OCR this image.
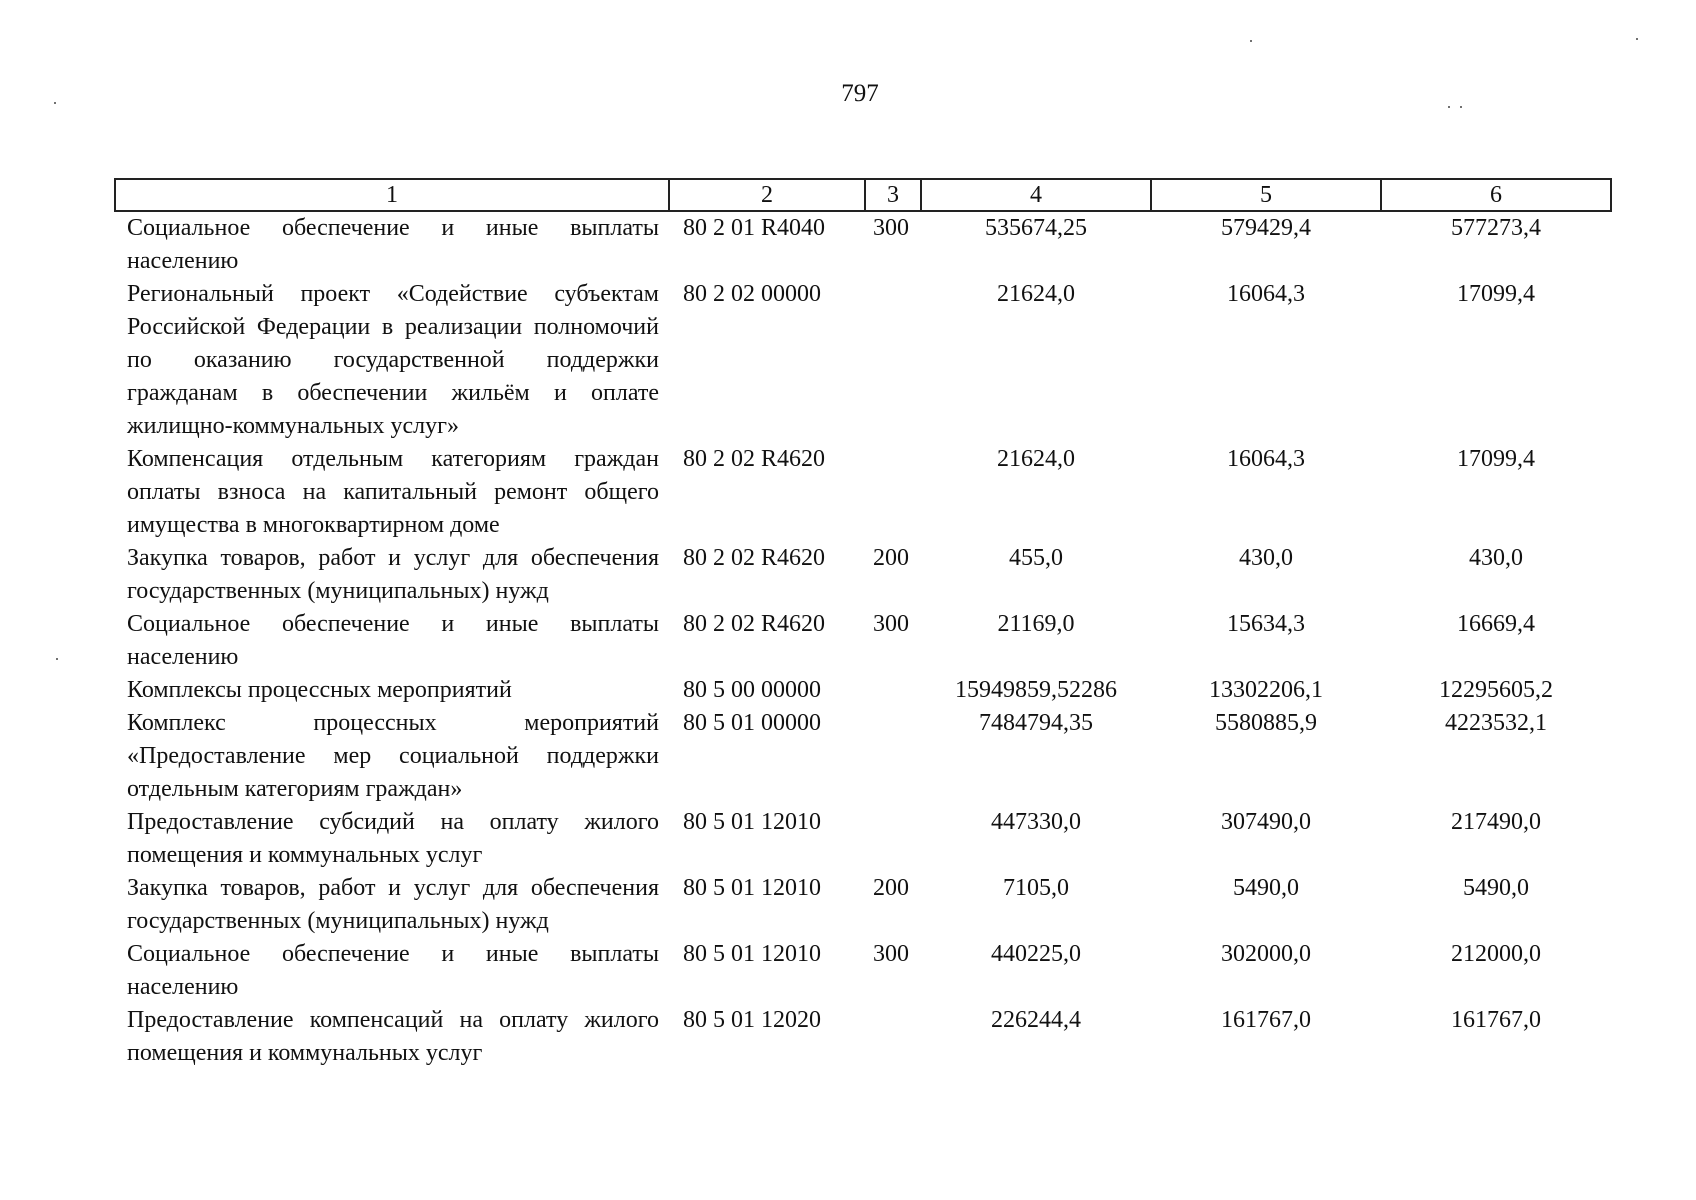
797
1	2	3	4	5	6
Социальное обеспечение и иные выплаты населению	80 2 01 R4040	300	535674,25	579429,4	577273,4
Региональный проект «Содействие субъектам Российской Федерации в реализации полномочий по оказанию государственной поддержки гражданам в обеспечении жильём и оплате жилищно-коммунальных услуг»	80 2 02 00000		21624,0	16064,3	17099,4
Компенсация отдельным категориям граждан оплаты взноса на капитальный ремонт общего имущества в многоквартирном доме	80 2 02 R4620		21624,0	16064,3	17099,4
Закупка товаров, работ и услуг для обеспечения государственных (муниципальных) нужд	80 2 02 R4620	200	455,0	430,0	430,0
Социальное обеспечение и иные выплаты населению	80 2 02 R4620	300	21169,0	15634,3	16669,4
Комплексы процессных мероприятий	80 5 00 00000		15949859,52286	13302206,1	12295605,2
Комплекс процессных мероприятий «Предоставление мер социальной поддержки отдельным категориям граждан»	80 5 01 00000		7484794,35	5580885,9	4223532,1
Предоставление субсидий на оплату жилого помещения и коммунальных услуг	80 5 01 12010		447330,0	307490,0	217490,0
Закупка товаров, работ и услуг для обеспечения государственных (муниципальных) нужд	80 5 01 12010	200	7105,0	5490,0	5490,0
Социальное обеспечение и иные выплаты населению	80 5 01 12010	300	440225,0	302000,0	212000,0
Предоставление компенсаций на оплату жилого помещения и коммунальных услуг	80 5 01 12020		226244,4	161767,0	161767,0
